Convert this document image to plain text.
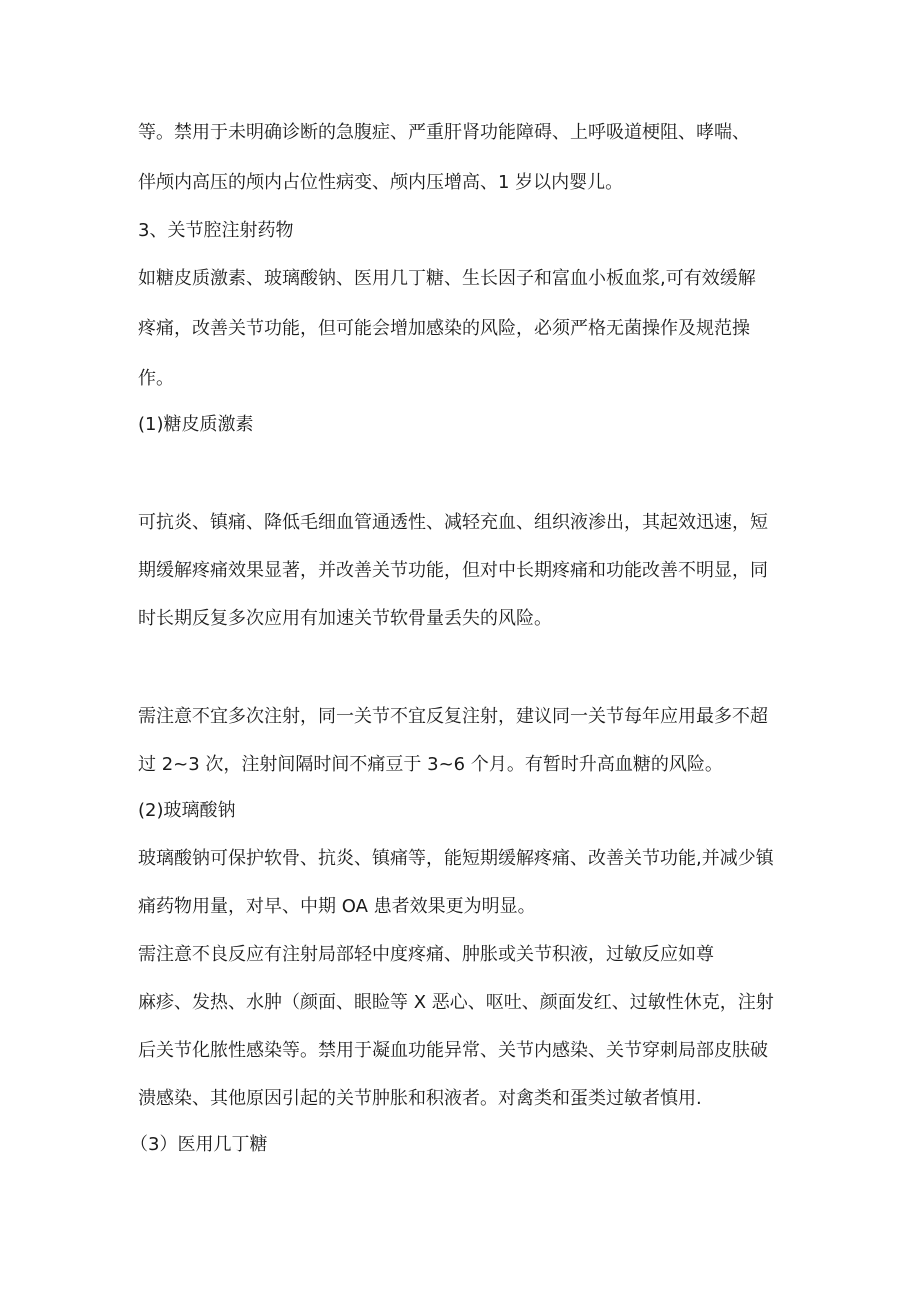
等。禁用于未明确诊断的急腹症、严重肝肾功能障碍、上呼吸道梗阻、哮喘、
伴颅内高压的颅内占位性病变、颅内压增高、1 岁以内婴儿。
3、关节腔注射药物
如糖皮质激素、玻璃酸钠、医用几丁糖、生长因子和富血小板血浆,可有效缓解
疼痛，改善关节功能，但可能会增加感染的风险，必须严格无菌操作及规范操
作。
(1)糖皮质激素
可抗炎、镇痛、降低毛细血管通透性、减轻充血、组织液渗出，其起效迅速，短
期缓解疼痛效果显著，并改善关节功能，但对中长期疼痛和功能改善不明显，同
时长期反复多次应用有加速关节软骨量丢失的风险。
需注意不宜多次注射，同一关节不宜反复注射，建议同一关节每年应用最多不超
过 2~3 次，注射间隔时间不痛豆于 3~6 个月。有暂时升高血糖的风险。
(2)玻璃酸钠
玻璃酸钠可保护软骨、抗炎、镇痛等，能短期缓解疼痛、改善关节功能,并减少镇
痛药物用量，对早、中期 OA 患者效果更为明显。
需注意不良反应有注射局部轻中度疼痛、肿胀或关节积液，过敏反应如尊
麻疹、发热、水肿（颜面、眼睑等 X 恶心、呕吐、颜面发红、过敏性休克，注射
后关节化脓性感染等。禁用于凝血功能异常、关节内感染、关节穿刺局部皮肤破
溃感染、其他原因引起的关节肿胀和积液者。对禽类和蛋类过敏者慎用.
（3）医用几丁糖
